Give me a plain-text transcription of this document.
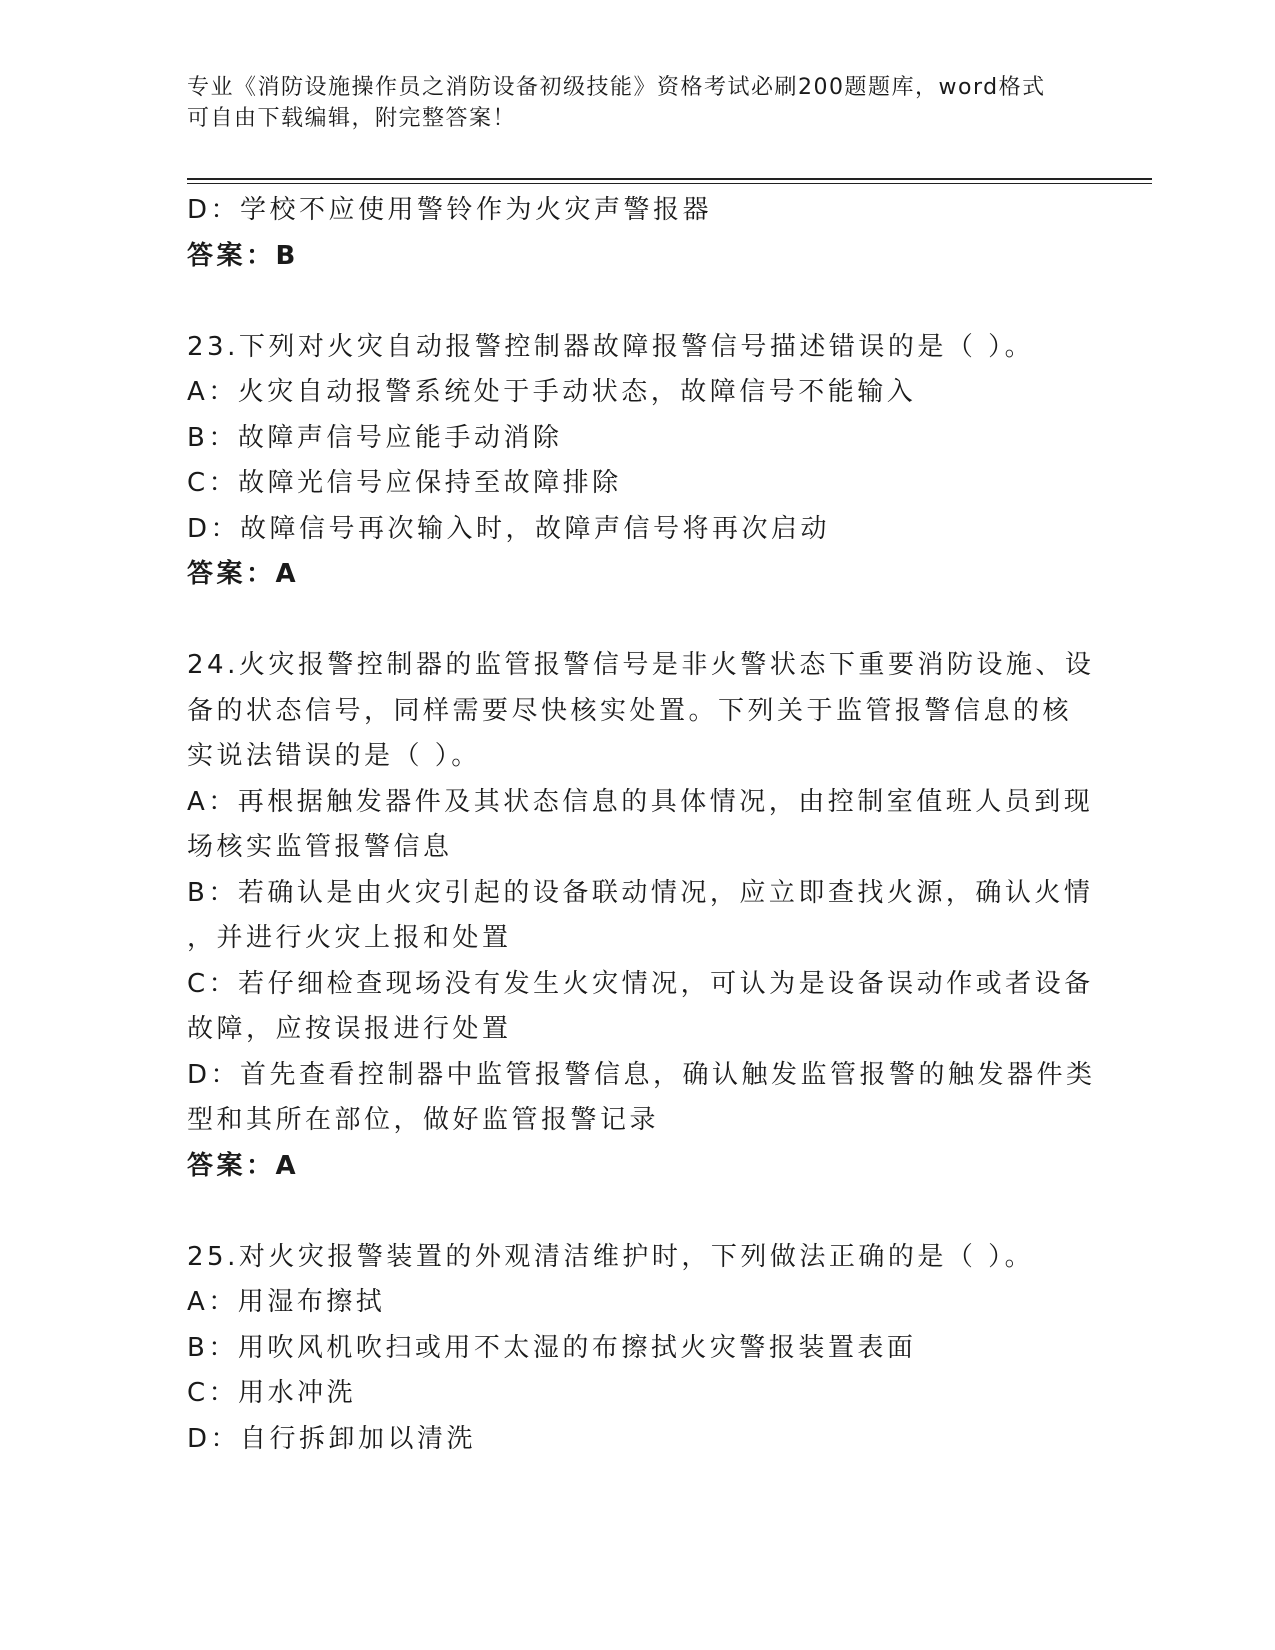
专业《消防设施操作员之消防设备初级技能》资格考试必刷200题题库，word格式可自由下载编辑，附完整答案！
D：学校不应使用警铃作为火灾声警报器
答案：B
23.下列对火灾自动报警控制器故障报警信号描述错误的是（ ）。
A：火灾自动报警系统处于手动状态，故障信号不能输入
B：故障声信号应能手动消除
C：故障光信号应保持至故障排除
D：故障信号再次输入时，故障声信号将再次启动
答案：A
24.火灾报警控制器的监管报警信号是非火警状态下重要消防设施、设
备的状态信号，同样需要尽快核实处置。下列关于监管报警信息的核
实说法错误的是（ ）。
A：再根据触发器件及其状态信息的具体情况，由控制室值班人员到现
场核实监管报警信息
B：若确认是由火灾引起的设备联动情况，应立即查找火源，确认火情
，并进行火灾上报和处置
C：若仔细检查现场没有发生火灾情况，可认为是设备误动作或者设备
故障，应按误报进行处置
D：首先查看控制器中监管报警信息，确认触发监管报警的触发器件类
型和其所在部位，做好监管报警记录
答案：A
25.对火灾报警装置的外观清洁维护时，下列做法正确的是（ ）。
A：用湿布擦拭
B：用吹风机吹扫或用不太湿的布擦拭火灾警报装置表面
C：用水冲洗
D：自行拆卸加以清洗
